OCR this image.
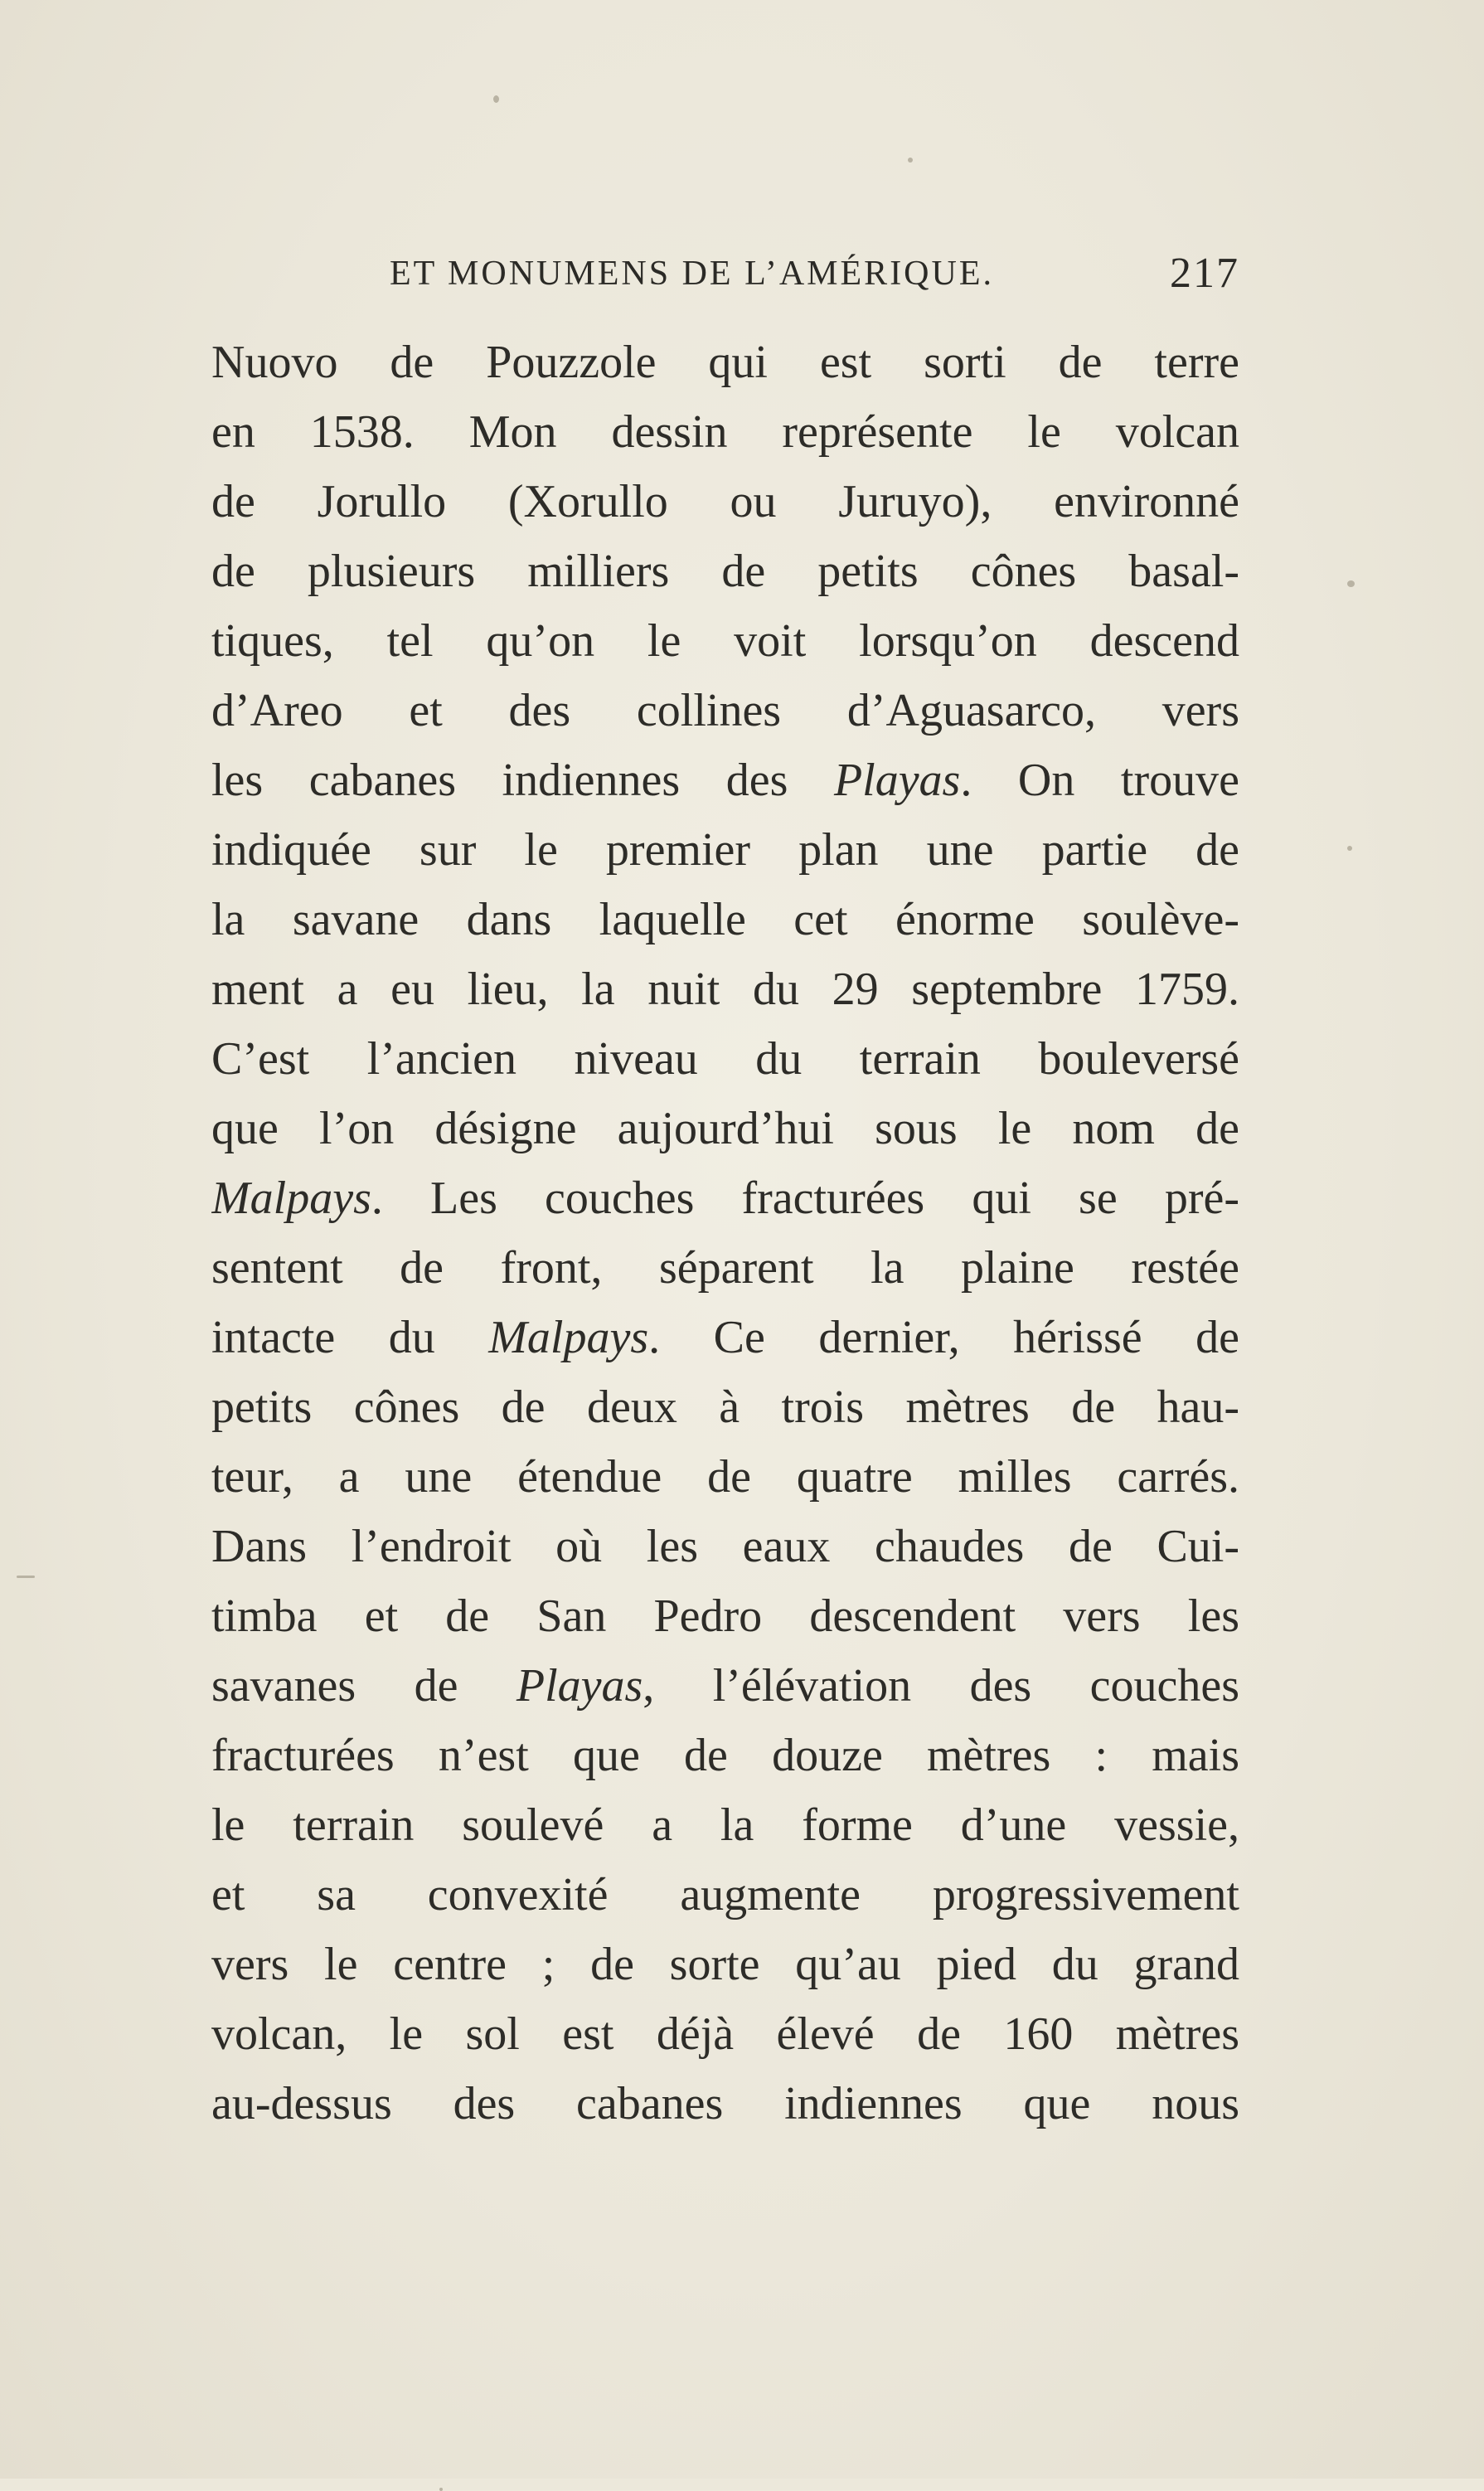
ET MONUMENS DE L’AMÉRIQUE.	217
Nuovo de Pouzzole qui est sorti de terre
en 1538. Mon dessin représente le volcan
de Jorullo (Xorullo ou Juruyo), environné
de plusieurs milliers de petits cônes basal-
tiques, tel qu’on le voit lorsqu’on descend
d’Areo et des collines d’Aguasarco, vers
les cabanes indiennes des Playas. On trouve
indiquée sur le premier plan une partie de
la savane dans laquelle cet énorme soulève-
ment a eu lieu, la nuit du 29 septembre 1759.
C’est l’ancien niveau du terrain bouleversé
que l’on désigne aujourd’hui sous le nom de
Malpays. Les couches fracturées qui se pré-
sentent de front, séparent la plaine restée
intacte du Malpays. Ce dernier, hérissé de
petits cônes de deux à trois mètres de hau-
teur, a une étendue de quatre milles carrés.
Dans l’endroit où les eaux chaudes de Cui-
timba et de San Pedro descendent vers les
savanes de Playas, l’élévation des couches
fracturées n’est que de douze mètres : mais
le terrain soulevé a la forme d’une vessie,
et sa convexité augmente progressivement
vers le centre ; de sorte qu’au pied du grand
volcan, le sol est déjà élevé de 160 mètres
au-dessus des cabanes indiennes que nous
